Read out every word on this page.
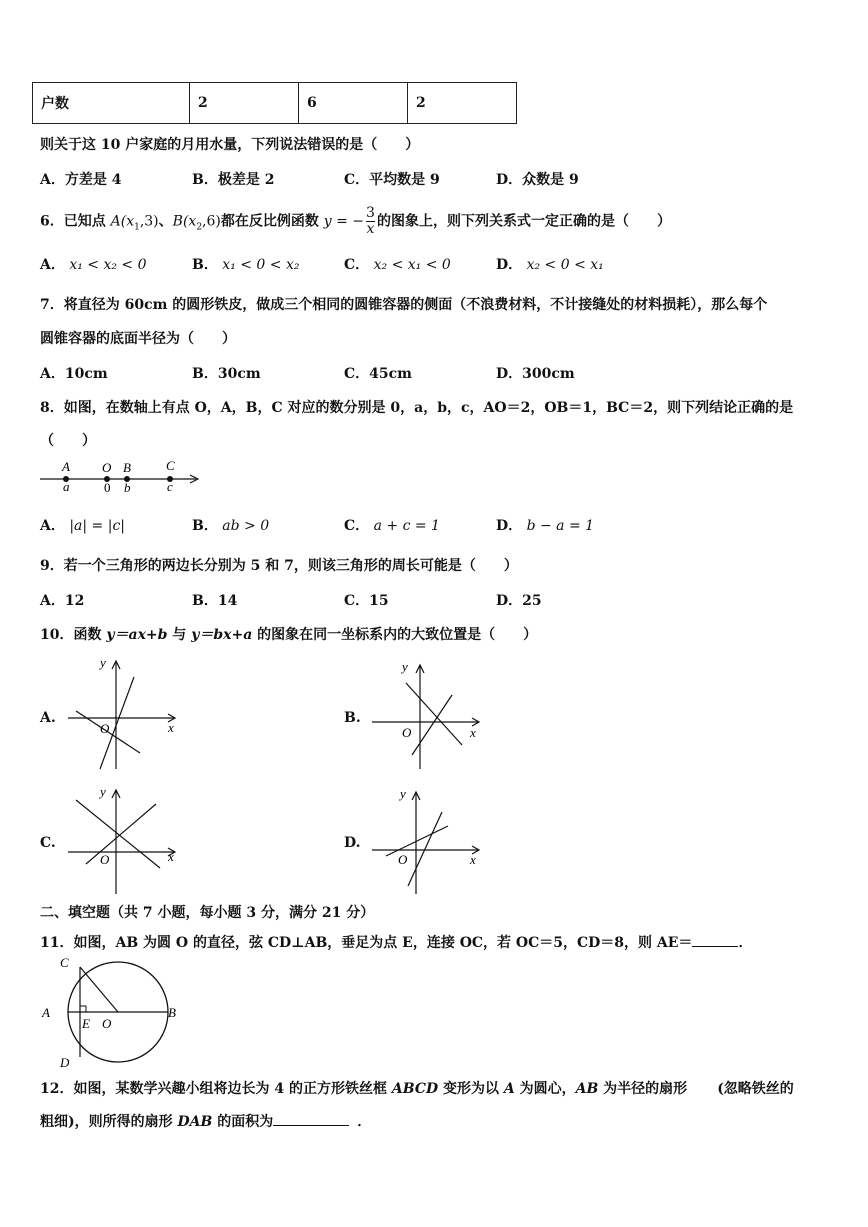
户数	2	6	2
则关于这 10 户家庭的月用水量，下列说法错误的是（　　）
A．方差是 4	B．极差是 2	C．平均数是 9	D．众数是 9
6．已知点 $A(x_1,3)$、$B(x_2,6)$都在反比例函数 y = − $\frac{3}{x}$ 的图象上，则下列关系式一定正确的是（　　）
A． x₁ < x₂ < 0	B． x₁ < 0 < x₂	C． x₂ < x₁ < 0	D． x₂ < 0 < x₁
7．将直径为 60cm 的圆形铁皮，做成三个相同的圆锥容器的侧面（不浪费材料，不计接缝处的材料损耗），那么每个
圆锥容器的底面半径为（　　）
A．10cm	B．30cm	C．45cm	D．300cm
8．如图，在数轴上有点 O，A，B，C 对应的数分别是 0，a，b，c，AO＝2，OB＝1，BC＝2，则下列结论正确的是
（　　）
A O B	C
a	0 b	c
A． |a| = |c|	B． ab > 0	C． a + c = 1	D． b − a = 1
9．若一个三角形的两边长分别为 5 和 7，则该三角形的周长可能是（　　）
A．12	B．14	C．15	D．25
10．函数 y＝ax+b 与 y＝bx+a 的图象在同一坐标系内的大致位置是（　　）
A.
x
y
O
B.
x
y
O
C.
x
y
O
D.
x
y
O
二、填空题（共 7 小题，每小题 3 分，满分 21 分）
11．如图，AB 为圆 O 的直径，弦 CD⊥AB，垂足为点 E，连接 OC，若 OC＝5，CD＝8，则 AE＝	．
C
A
E O
B
D
12．如图，某数学兴趣小组将边长为 4 的正方形铁丝框 ABCD 变形为以 A 为圆心，AB 为半径的扇形 (忽略铁丝的
粗细)，则所得的扇形 DAB 的面积为	．
